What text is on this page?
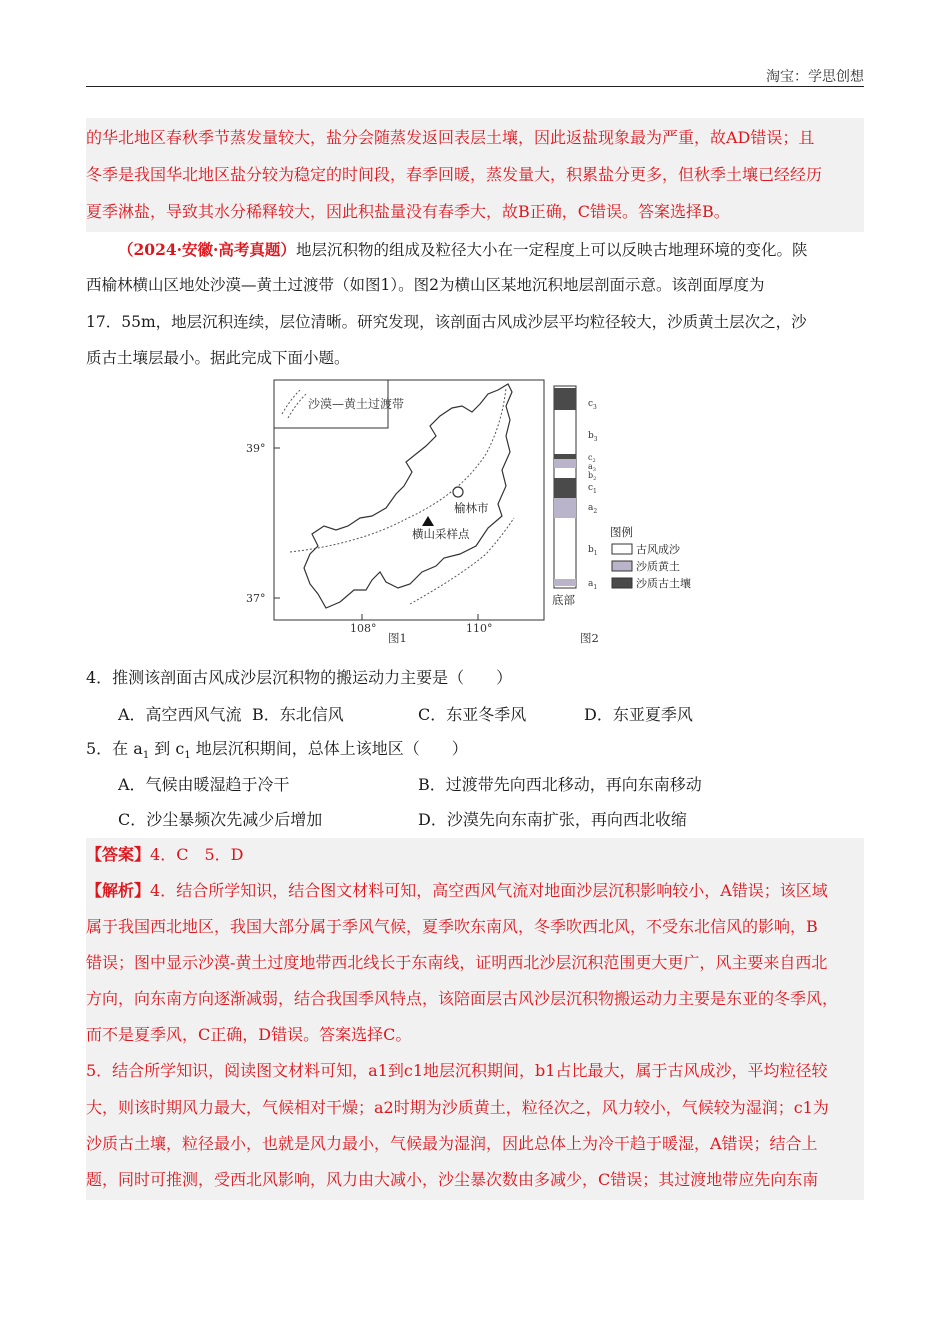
淘宝：学思创想
的华北地区春秋季节蒸发量较大，盐分会随蒸发返回表层土壤，因此返盐现象最为严重，故AD错误；且
冬季是我国华北地区盐分较为稳定的时间段，春季回暖，蒸发量大，积累盐分更多，但秋季土壤已经经历
夏季淋盐，导致其水分稀释较大，因此积盐量没有春季大，故B正确，C错误。答案选择B。
（2024·安徽·高考真题）地层沉积物的组成及粒径大小在一定程度上可以反映古地理环境的变化。陕
西榆林横山区地处沙漠—黄土过渡带（如图1）。图2为横山区某地沉积地层剖面示意。该剖面厚度为
17．55m，地层沉积连续，层位清晰。研究发现，该剖面古风成沙层平均粒径较大，沙质黄土层次之，沙
质古土壤层最小。据此完成下面小题。
沙漠—黄土过渡带
39°
37°
108°	110°
榆林市
横山采样点
图1
$c_3$
$b_3$
$c_2$
$a_3$
$b_2$
$c_1$
$a_2$
$b_1$
$a_1$
底部
图2
图例
古风成沙
沙质黄土
沙质古土壤
4．推测该剖面古风成沙层沉积物的搬运动力主要是（　　）
A．高空西风气流 B．东北信风	C．东亚冬季风	D．东亚夏季风
5．在 $a_1$ 到 $c_1$ 地层沉积期间，总体上该地区（　　）
A．气候由暖湿趋于冷干	B．过渡带先向西北移动，再向东南移动
C．沙尘暴频次先减少后增加	D．沙漠先向东南扩张，再向西北收缩
【答案】4．C　5．D
【解析】4．结合所学知识，结合图文材料可知，高空西风气流对地面沙层沉积影响较小，A错误；该区域
属于我国西北地区，我国大部分属于季风气候，夏季吹东南风，冬季吹西北风，不受东北信风的影响，B
错误；图中显示沙漠-黄土过度地带西北线长于东南线，证明西北沙层沉积范围更大更广，风主要来自西北
方向，向东南方向逐渐减弱，结合我国季风特点，该陪面层古风沙层沉积物搬运动力主要是东亚的冬季风，
而不是夏季风，C正确，D错误。答案选择C。
5．结合所学知识，阅读图文材料可知，a1到c1地层沉积期间，b1占比最大，属于古风成沙，平均粒径较
大，则该时期风力最大，气候相对干燥；a2时期为沙质黄土，粒径次之，风力较小，气候较为湿润；c1为
沙质古土壤，粒径最小，也就是风力最小，气候最为湿润，因此总体上为冷干趋于暖湿，A错误；结合上
题，同时可推测，受西北风影响，风力由大减小，沙尘暴次数由多减少，C错误；其过渡地带应先向东南
